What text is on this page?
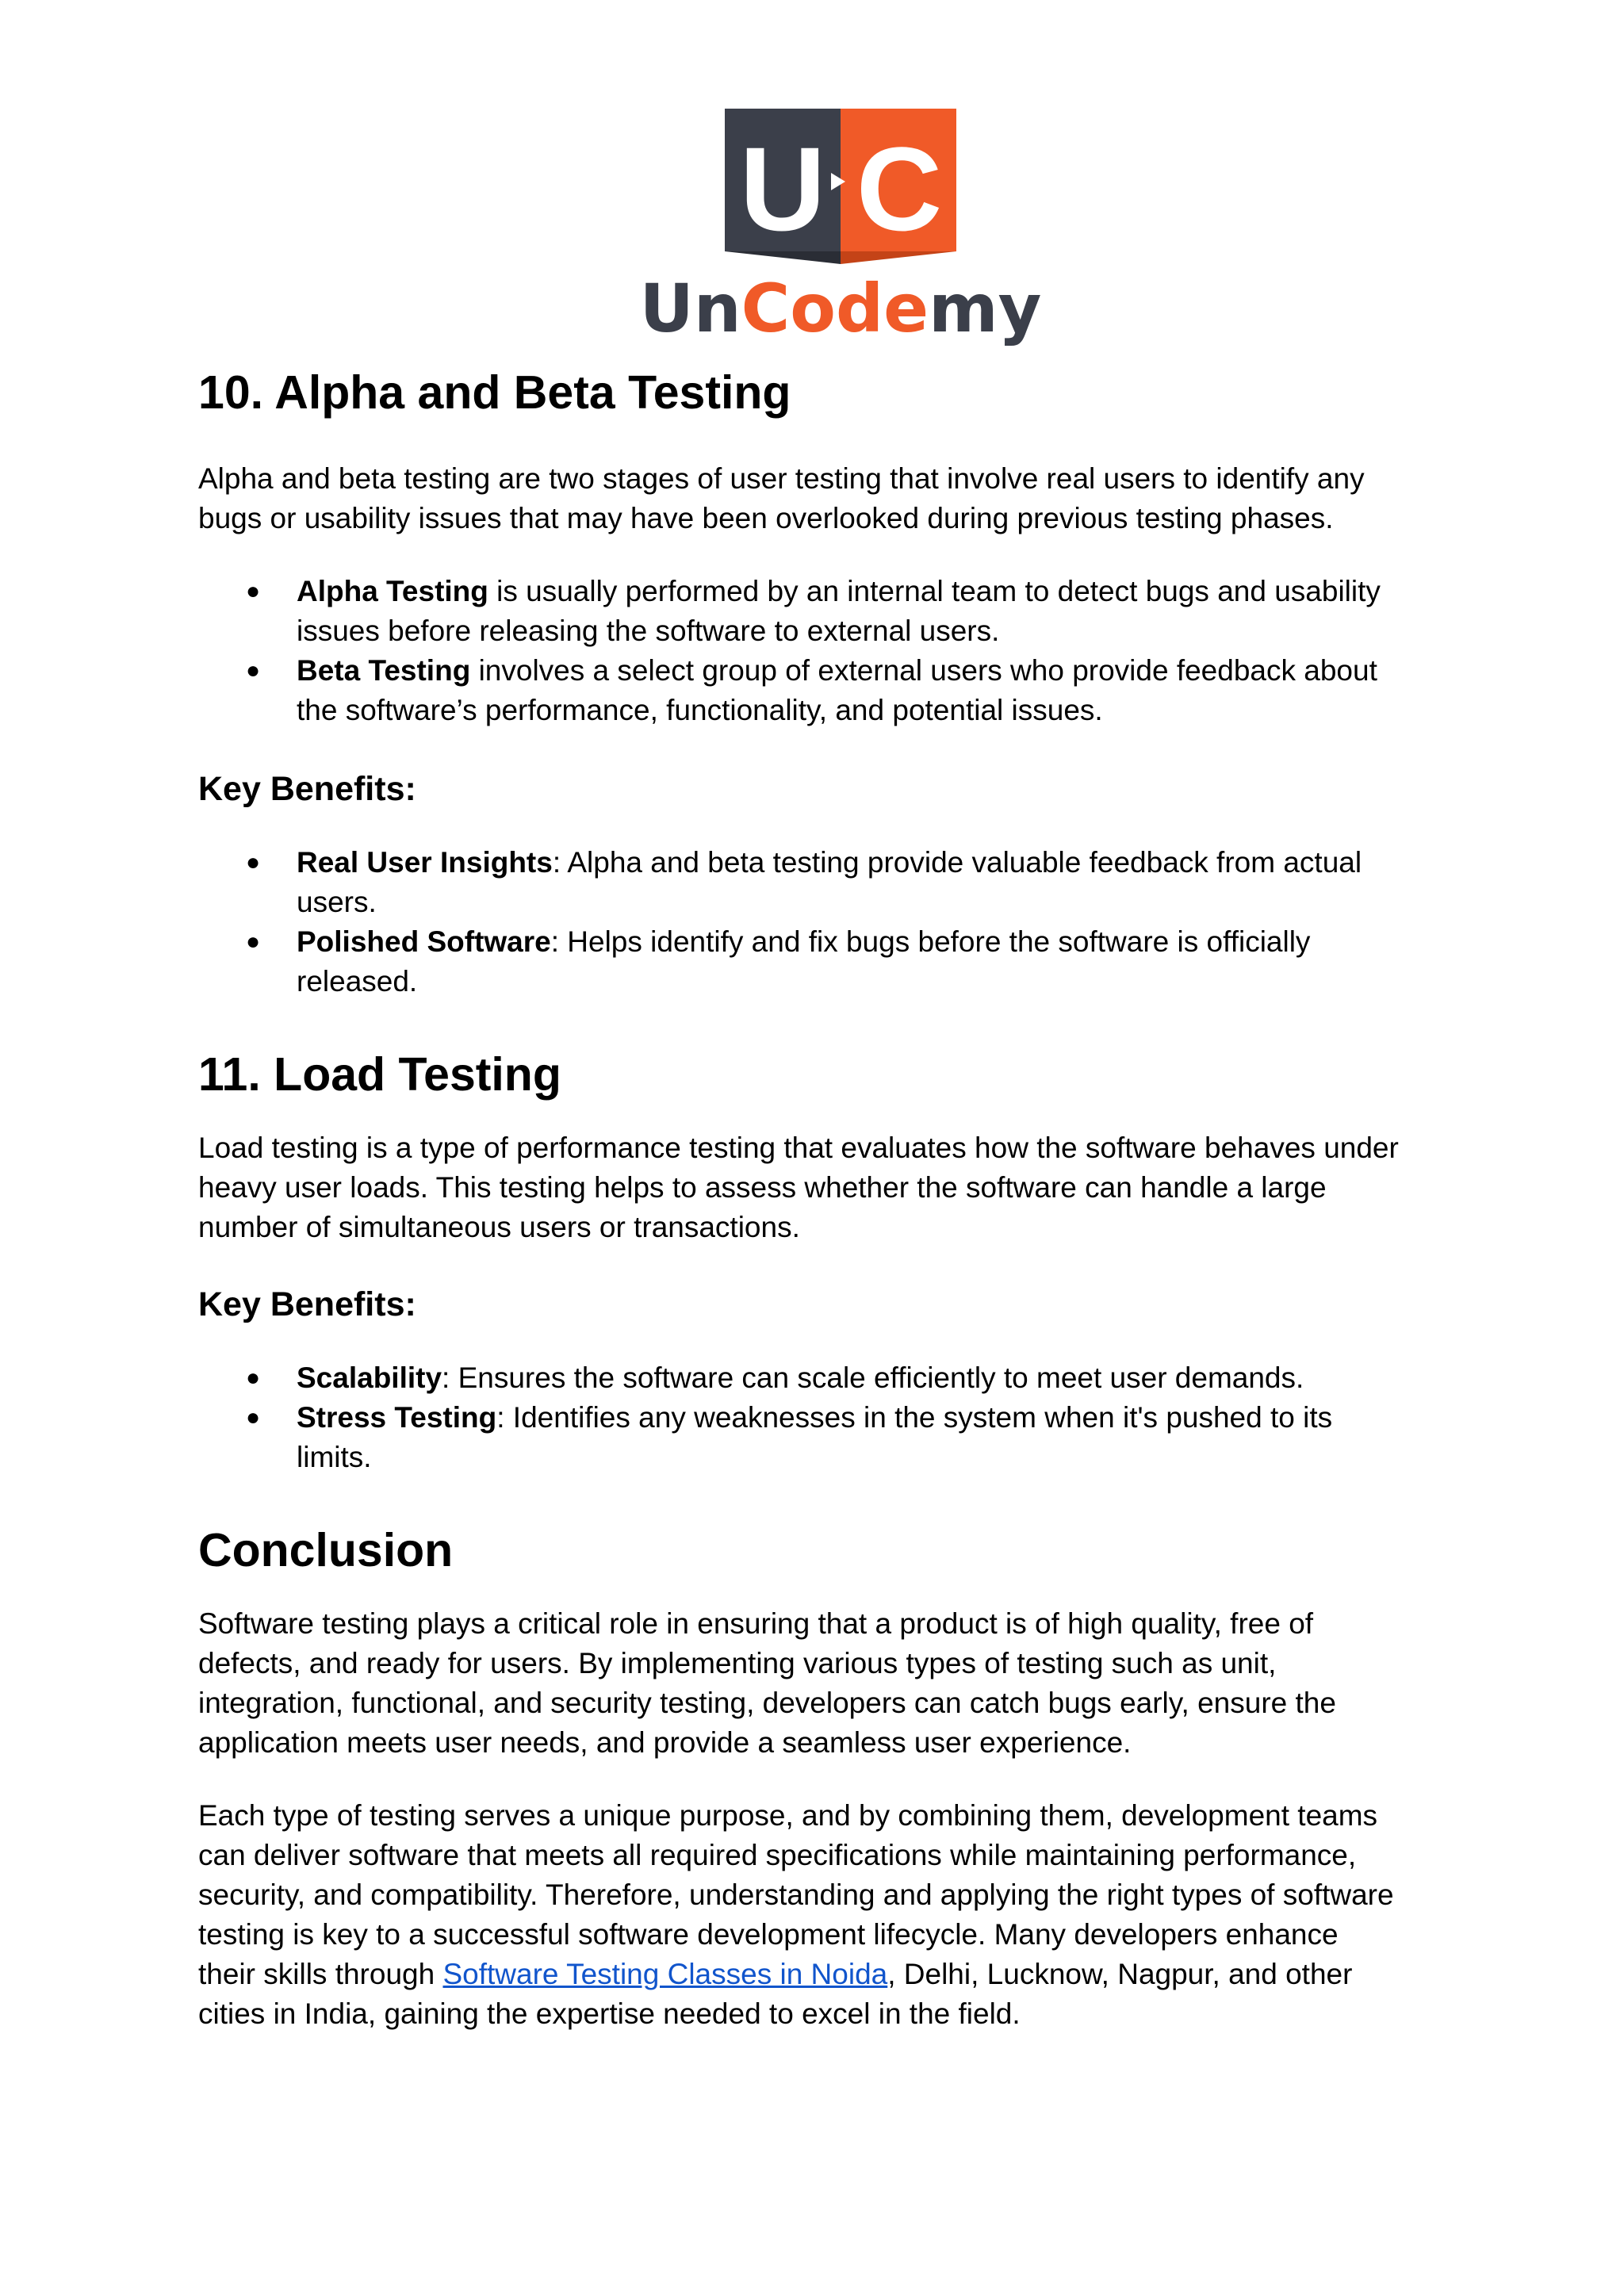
U C
UnCodemy
10. Alpha and Beta Testing

Alpha and beta testing are two stages of user testing that involve real users to identify any
bugs or usability issues that may have been overlooked during previous testing phases.

● Alpha Testing is usually performed by an internal team to detect bugs and usability
issues before releasing the software to external users.
● Beta Testing involves a select group of external users who provide feedback about
the software’s performance, functionality, and potential issues.
Key Benefits:
● Real User Insights: Alpha and beta testing provide valuable feedback from actual
users.
● Polished Software: Helps identify and fix bugs before the software is officially
released.
11. Load Testing

Load testing is a type of performance testing that evaluates how the software behaves under
heavy user loads. This testing helps to assess whether the software can handle a large
number of simultaneous users or transactions.

Key Benefits:
● Scalability: Ensures the software can scale efficiently to meet user demands.
● Stress Testing: Identifies any weaknesses in the system when it's pushed to its
limits.
Conclusion

Software testing plays a critical role in ensuring that a product is of high quality, free of
defects, and ready for users. By implementing various types of testing such as unit,
integration, functional, and security testing, developers can catch bugs early, ensure the
application meets user needs, and provide a seamless user experience.

Each type of testing serves a unique purpose, and by combining them, development teams
can deliver software that meets all required specifications while maintaining performance,
security, and compatibility. Therefore, understanding and applying the right types of software
testing is key to a successful software development lifecycle. Many developers enhance
their skills through Software Testing Classes in Noida, Delhi, Lucknow, Nagpur, and other
cities in India, gaining the expertise needed to excel in the field.
